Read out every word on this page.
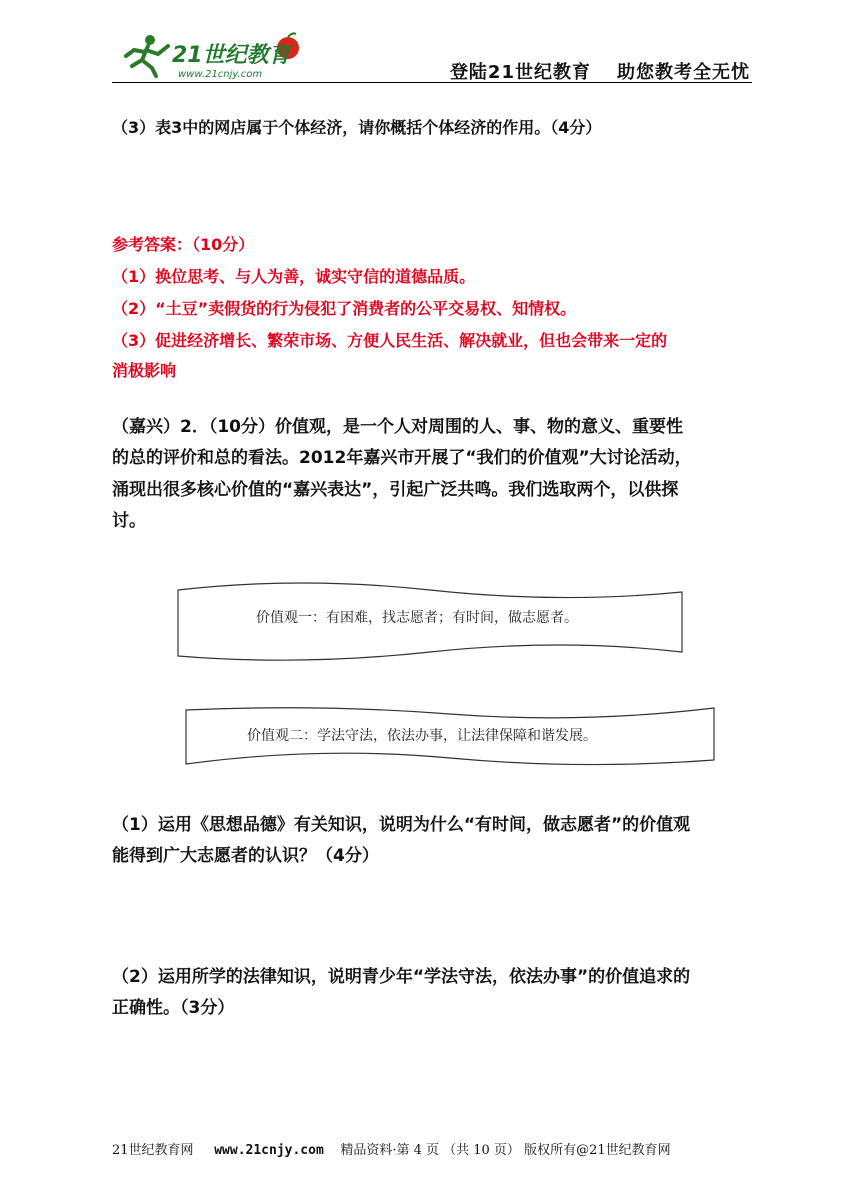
21世纪教育
www.21cnjy.com	登陆21世纪教育 助您教考全无忧
（3）表3中的网店属于个体经济，请你概括个体经济的作用。（4分）
参考答案：（10分）
（1）换位思考、与人为善，诚实守信的道德品质。
（2）“土豆”卖假货的行为侵犯了消费者的公平交易权、知情权。
（3）促进经济增长、繁荣市场、方便人民生活、解决就业，但也会带来一定的
消极影响
（嘉兴）2．（10分）价值观，是一个人对周围的人、事、物的意义、重要性
的总的评价和总的看法。2012年嘉兴市开展了“我们的价值观”大讨论活动，
涌现出很多核心价值的“嘉兴表达”，引起广泛共鸣。我们选取两个，以供探
讨。
价值观一：有困难，找志愿者；有时间，做志愿者。
价值观二：学法守法，依法办事，让法律保障和谐发展。
（1）运用《思想品德》有关知识，说明为什么“有时间，做志愿者”的价值观
能得到广大志愿者的认识？（4分）
（2）运用所学的法律知识，说明青少年“学法守法，依法办事”的价值追求的
正确性。（3分）
21世纪教育网 www.21cnjy.com 精品资料·第 4 页 （共 10 页） 版权所有@21世纪教育网
